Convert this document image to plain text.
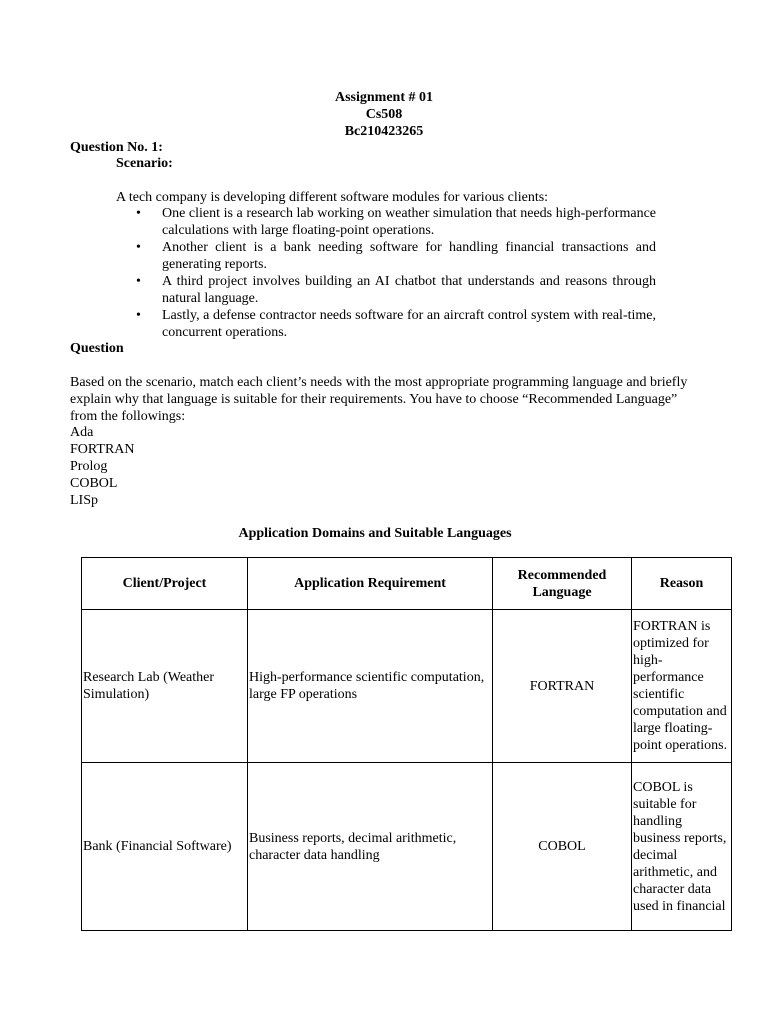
Assignment # 01
Cs508
Bc210423265
Question No. 1:
Scenario:
A tech company is developing different software modules for various clients:
• One client is a research lab working on weather simulation that needs high-performance calculations with large floating-point operations.
• Another client is a bank needing software for handling financial transactions and generating reports.
• A third project involves building an AI chatbot that understands and reasons through natural language.
• Lastly, a defense contractor needs software for an aircraft control system with real-time, concurrent operations.
Question
Based on the scenario, match each client’s needs with the most appropriate programming language and briefly explain why that language is suitable for their requirements. You have to choose “Recommended Language” from the followings:
Ada
FORTRAN
Prolog
COBOL
LISp
Application Domains and Suitable Languages
Client/Project	Application Requirement	Recommended Language	Reason
Research Lab (Weather Simulation)	High-performance scientific computation, large FP operations	FORTRAN	FORTRAN is optimized for high-performance scientific computation and large floating-point operations.
Bank (Financial Software)	Business reports, decimal arithmetic, character data handling	COBOL	COBOL is suitable for handling business reports, decimal arithmetic, and character data used in financial
